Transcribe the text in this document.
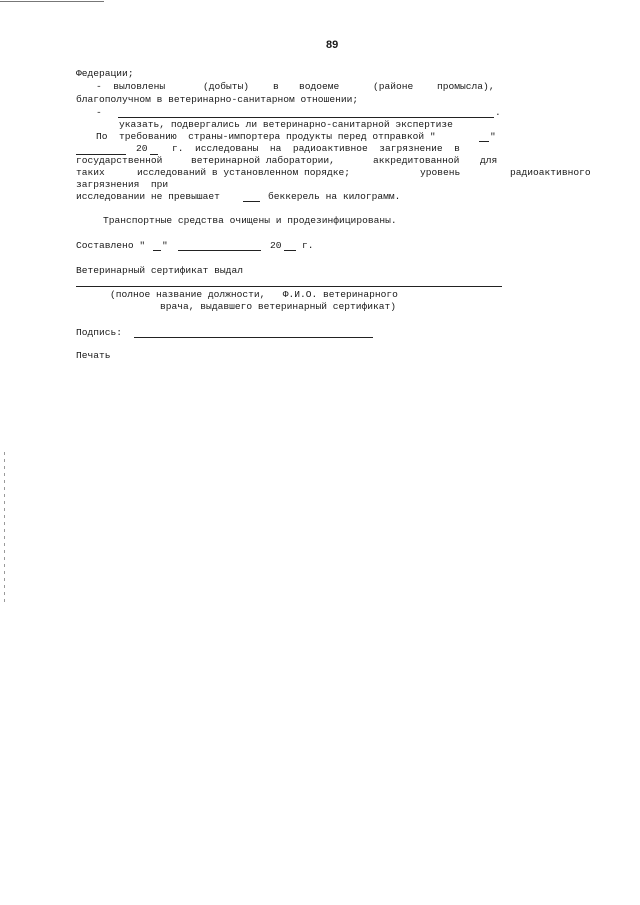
89

Федерации;

-  выловлены	(добыты) в водоеме	(районе промысла),

благополучном в ветеринарно-санитарном отношении;

-	.

указать, подвергались ли ветеринарно-санитарной экспертизе

По  требованию  страны-импортера продукты перед отправкой "	"

20	г.  исследованы  на  радиоактивное  загрязнение  в

государственной	ветеринарной лаборатории,	аккредитованной для

таких	исследований в установленном порядке;	уровень	радиоактивного

загрязнения  при

исследовании не превышает	беккерель на килограмм.

Транспортные средства очищены и продезинфицированы.

Составлено " "	20 г.

Ветеринарный сертификат выдал

(полное название должности,   Ф.И.О. ветеринарного

врача, выдавшего ветеринарный сертификат)

Подпись:

Печать
